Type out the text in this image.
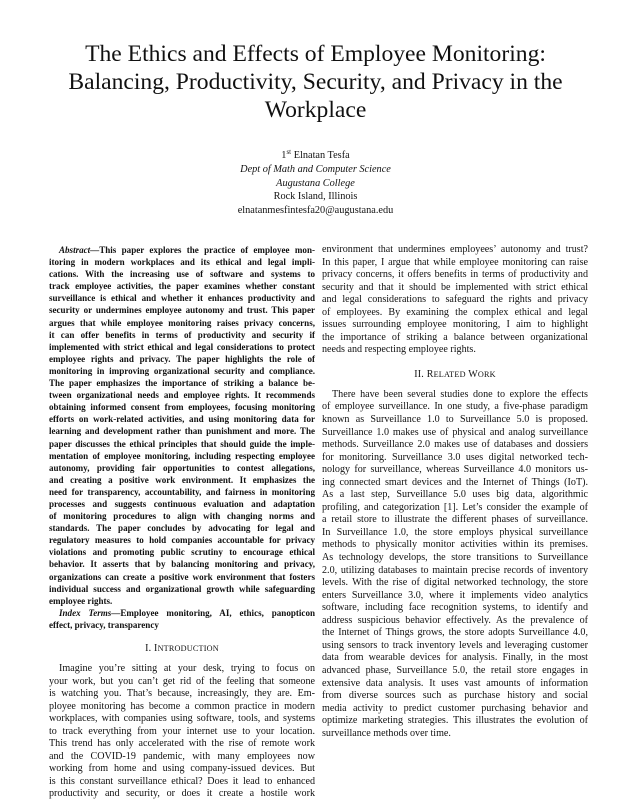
The Ethics and Effects of Employee Monitoring:
Balancing, Productivity, Security, and Privacy in the
Workplace
1st Elnatan Tesfa
Dept of Math and Computer Science
Augustana College
Rock Island, Illinois
elnatanmesfintesfa20@augustana.edu
Abstract—This paper explores the practice of employee mon-
itoring in modern workplaces and its ethical and legal impli-
cations. With the increasing use of software and systems to
track employee activities, the paper examines whether constant
surveillance is ethical and whether it enhances productivity and
security or undermines employee autonomy and trust. This paper
argues that while employee monitoring raises privacy concerns,
it can offer benefits in terms of productivity and security if
implemented with strict ethical and legal considerations to protect
employee rights and privacy. The paper highlights the role of
monitoring in improving organizational security and compliance.
The paper emphasizes the importance of striking a balance be-
tween organizational needs and employee rights. It recommends
obtaining informed consent from employees, focusing monitoring
efforts on work-related activities, and using monitoring data for
learning and development rather than punishment and more. The
paper discusses the ethical principles that should guide the imple-
mentation of employee monitoring, including respecting employee
autonomy, providing fair opportunities to contest allegations,
and creating a positive work environment. It emphasizes the
need for transparency, accountability, and fairness in monitoring
processes and suggests continuous evaluation and adaptation
of monitoring procedures to align with changing norms and
standards. The paper concludes by advocating for legal and
regulatory measures to hold companies accountable for privacy
violations and promoting public scrutiny to encourage ethical
behavior. It asserts that by balancing monitoring and privacy,
organizations can create a positive work environment that fosters
individual success and organizational growth while safeguarding
employee rights.
Index Terms—Employee monitoring, AI, ethics, panopticon
effect, privacy, transparency
I. INTRODUCTION
Imagine you’re sitting at your desk, trying to focus on
your work, but you can’t get rid of the feeling that someone
is watching you. That’s because, increasingly, they are. Em-
ployee monitoring has become a common practice in modern
workplaces, with companies using software, tools, and systems
to track everything from your internet use to your location.
This trend has only accelerated with the rise of remote work
and the COVID-19 pandemic, with many employees now
working from home and using company-issued devices. But
is this constant surveillance ethical? Does it lead to enhanced
productivity and security, or does it create a hostile work
environment that undermines employees’ autonomy and trust?
In this paper, I argue that while employee monitoring can raise
privacy concerns, it offers benefits in terms of productivity and
security and that it should be implemented with strict ethical
and legal considerations to safeguard the rights and privacy
of employees. By examining the complex ethical and legal
issues surrounding employee monitoring, I aim to highlight
the importance of striking a balance between organizational
needs and respecting employee rights.
II. RELATED WORK
There have been several studies done to explore the effects
of employee surveillance. In one study, a five-phase paradigm
known as Surveillance 1.0 to Surveillance 5.0 is proposed.
Surveillance 1.0 makes use of physical and analog surveillance
methods. Surveillance 2.0 makes use of databases and dossiers
for monitoring. Surveillance 3.0 uses digital networked tech-
nology for surveillance, whereas Surveillance 4.0 monitors us-
ing connected smart devices and the Internet of Things (IoT).
As a last step, Surveillance 5.0 uses big data, algorithmic
profiling, and categorization [1]. Let’s consider the example of
a retail store to illustrate the different phases of surveillance.
In Surveillance 1.0, the store employs physical surveillance
methods to physically monitor activities within its premises.
As technology develops, the store transitions to Surveillance
2.0, utilizing databases to maintain precise records of inventory
levels. With the rise of digital networked technology, the store
enters Surveillance 3.0, where it implements video analytics
software, including face recognition systems, to identify and
address suspicious behavior effectively. As the prevalence of
the Internet of Things grows, the store adopts Surveillance 4.0,
using sensors to track inventory levels and leveraging customer
data from wearable devices for analysis. Finally, in the most
advanced phase, Surveillance 5.0, the retail store engages in
extensive data analysis. It uses vast amounts of information
from diverse sources such as purchase history and social
media activity to predict customer purchasing behavior and
optimize marketing strategies. This illustrates the evolution of
surveillance methods over time.
